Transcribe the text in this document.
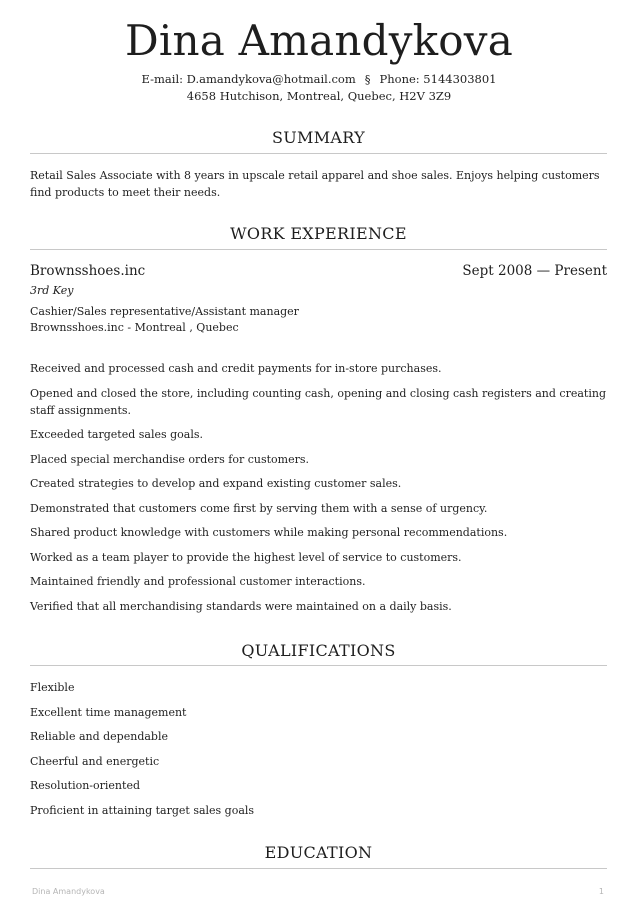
Dina Amandykova
E-mail: D.amandykova@hotmail.com § Phone: 5144303801
4658 Hutchison, Montreal, Quebec, H2V 3Z9
SUMMARY
Retail Sales Associate with 8 years in upscale retail apparel and shoe sales. Enjoys helping customers find products to meet their needs.
WORK EXPERIENCE
Brownsshoes.inc	Sept 2008 — Present
3rd Key
Cashier/Sales representative/Assistant manager
Brownsshoes.inc - Montreal , Quebec
Received and processed cash and credit payments for in-store purchases.
Opened and closed the store, including counting cash, opening and closing cash registers and creating staff assignments.
Exceeded targeted sales goals.
Placed special merchandise orders for customers.
Created strategies to develop and expand existing customer sales.
Demonstrated that customers come first by serving them with a sense of urgency.
Shared product knowledge with customers while making personal recommendations.
Worked as a team player to provide the highest level of service to customers.
Maintained friendly and professional customer interactions.
Verified that all merchandising standards were maintained on a daily basis.
QUALIFICATIONS
Flexible
Excellent time management
Reliable and dependable
Cheerful and energetic
Resolution-oriented
Proficient in attaining target sales goals
EDUCATION
Dina Amandykova	1
